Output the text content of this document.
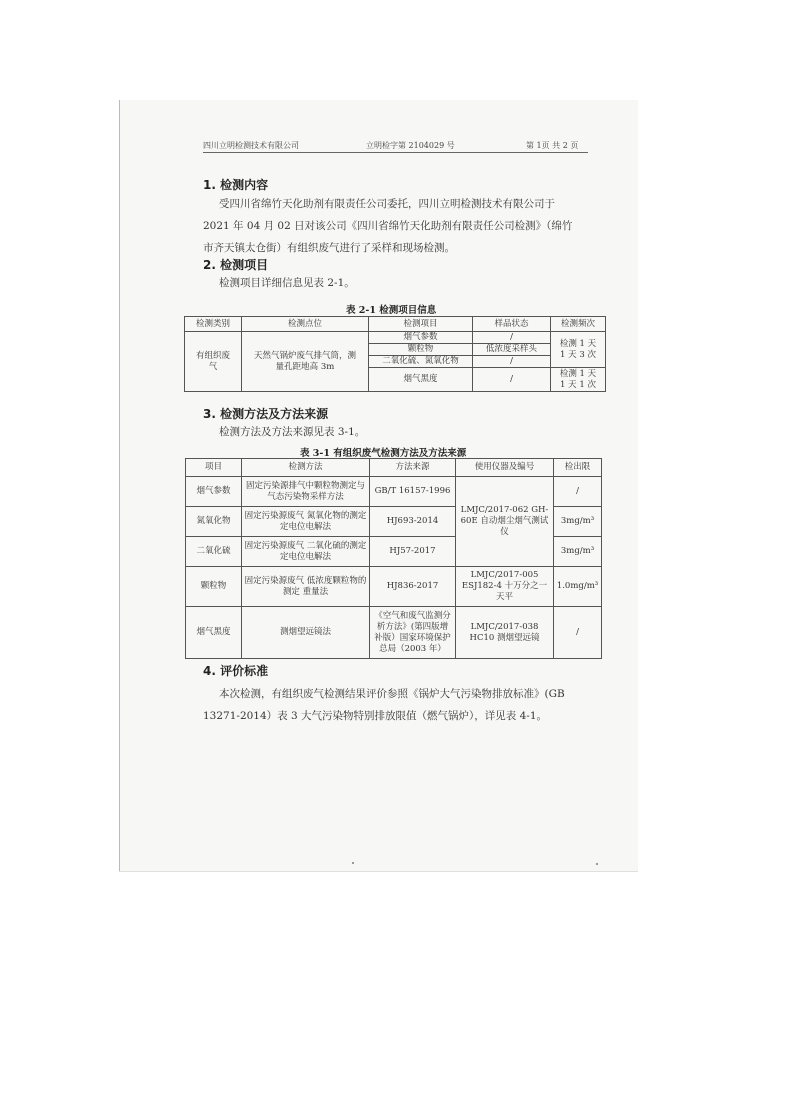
四川立明检测技术有限公司	立明检字第 2104029 号	第 1页 共 2 页
1. 检测内容
受四川省绵竹天化助剂有限责任公司委托，四川立明检测技术有限公司于
2021 年 04 月 02 日对该公司《四川省绵竹天化助剂有限责任公司检测》（绵竹
市齐天镇太仓街）有组织废气进行了采样和现场检测。
2. 检测项目
检测项目详细信息见表 2-1。
表 2-1 检测项目信息
检测类别	检测点位	检测项目	样品状态	检测频次
有组织废气	天然气锅炉废气排气筒，测量孔距地高 3m	烟气参数	/	检测 1 天 1 天 3 次
		颗粒物	低浓度采样头	
		二氧化硫、氮氧化物	/	
		烟气黑度	/	检测 1 天 1 天 1 次
3. 检测方法及方法来源
检测方法及方法来源见表 3-1。
表 3-1 有组织废气检测方法及方法来源
项目	检测方法	方法来源	使用仪器及编号	检出限
烟气参数	固定污染源排气中颗粒物测定与气态污染物采样方法	GB/T 16157-1996	LMJC/2017-062 GH-60E 自动烟尘烟气测试仪	/
氮氧化物	固定污染源废气 氮氧化物的测定 定电位电解法	HJ693-2014		3mg/m³
二氧化硫	固定污染源废气 二氧化硫的测定 定电位电解法	HJ57-2017		3mg/m³
颗粒物	固定污染源废气 低浓度颗粒物的测定 重量法	HJ836-2017	LMJC/2017-005 ESJ182-4 十万分之一天平	1.0mg/m³
烟气黑度	测烟望远镜法	《空气和废气监测分析方法》(第四版增补版）国家环境保护总局（2003 年）	LMJC/2017-038 HC10 测烟望远镜	/
4. 评价标准
本次检测，有组织废气检测结果评价参照《锅炉大气污染物排放标准》(GB
13271-2014）表 3 大气污染物特别排放限值（燃气锅炉），详见表 4-1。
